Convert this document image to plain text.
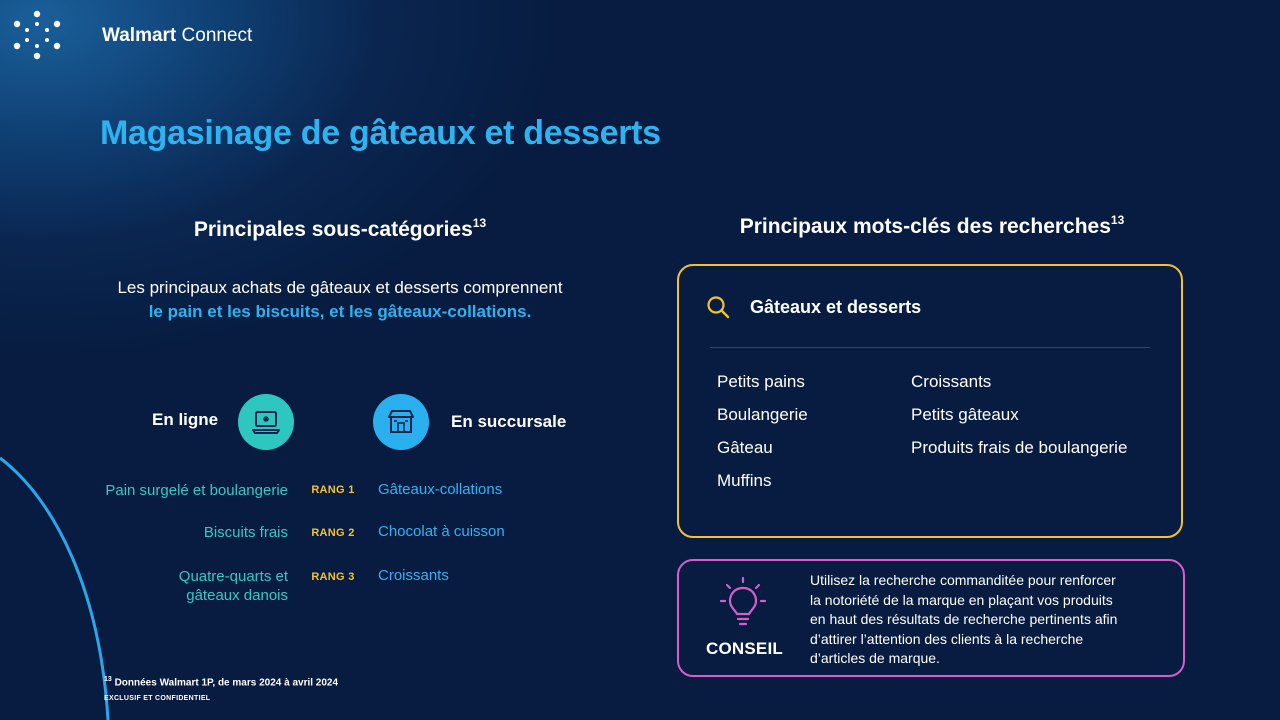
Walmart Connect
Magasinage de gâteaux et desserts
Principales sous-catégories$^{13}$
Les principaux achats de gâteaux et desserts comprennent
le pain et les biscuits, et les gâteaux-collations.
En ligne	En succursale
Pain surgelé et boulangerie	RANG 1	Gâteaux-collations
Biscuits frais	RANG 2	Chocolat à cuisson
Quatre-quarts et
gâteaux danois
RANG 3	Croissants
Principaux mots-clés des recherches$^{13}$
Gâteaux et desserts
Petits pains
Boulangerie
Gâteau
Muffins
Croissants
Petits gâteaux
Produits frais de boulangerie
CONSEIL
Utilisez la recherche commanditée pour renforcer
la notoriété de la marque en plaçant vos produits
en haut des résultats de recherche pertinents afin
d’attirer l’attention des clients à la recherche
d’articles de marque.
$^{13}$ Données Walmart 1P, de mars 2024 à avril 2024
EXCLUSIF ET CONFIDENTIEL
